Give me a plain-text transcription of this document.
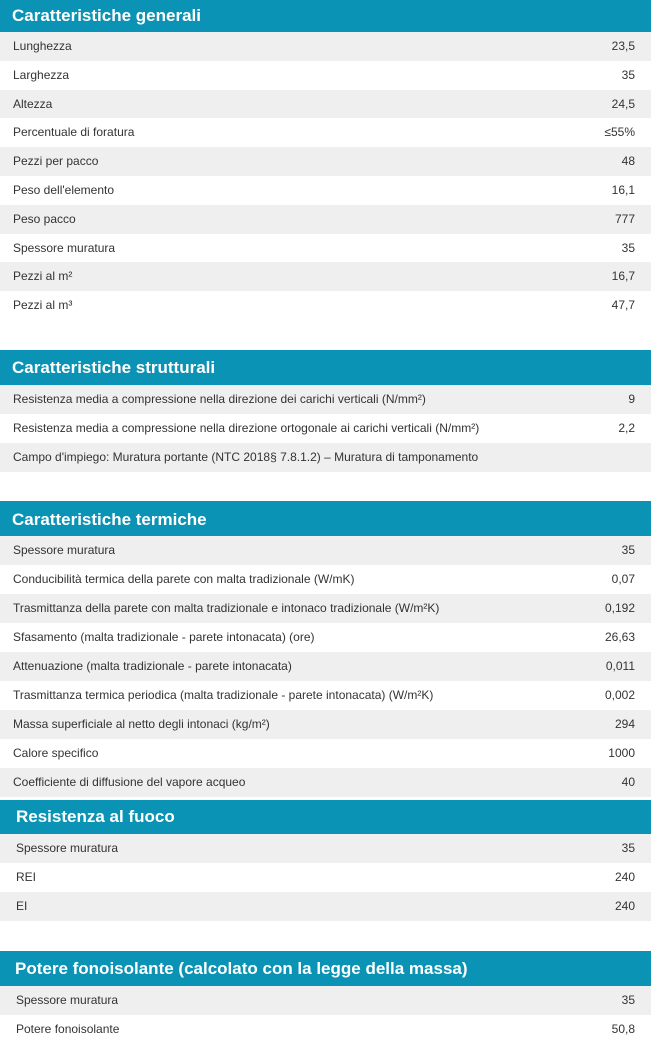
Caratteristiche generali
Lunghezza	23,5
Larghezza	35
Altezza	24,5
Percentuale di foratura	≤55%
Pezzi per pacco	48
Peso dell'elemento	16,1
Peso pacco	777
Spessore muratura	35
Pezzi al m²	16,7
Pezzi al m³	47,7
Caratteristiche strutturali
Resistenza media a compressione nella direzione dei carichi verticali (N/mm²)	9
Resistenza media a compressione nella direzione ortogonale ai carichi verticali (N/mm²)	2,2
Campo d'impiego: Muratura portante (NTC 2018§ 7.8.1.2) – Muratura di tamponamento
Caratteristiche termiche
Spessore muratura	35
Conducibilità termica della parete con malta tradizionale (W/mK)	0,07
Trasmittanza della parete con malta tradizionale e intonaco tradizionale (W/m²K)	0,192
Sfasamento (malta tradizionale - parete intonacata) (ore)	26,63
Attenuazione (malta tradizionale - parete intonacata)	0,011
Trasmittanza termica periodica (malta tradizionale - parete intonacata) (W/m²K)	0,002
Massa superficiale al netto degli intonaci (kg/m²)	294
Calore specifico	1000
Coefficiente di diffusione del vapore acqueo	40
Resistenza al fuoco
Spessore muratura	35
REI	240
EI	240
Potere fonoisolante (calcolato con la legge della massa)
Spessore muratura	35
Potere fonoisolante	50,8
